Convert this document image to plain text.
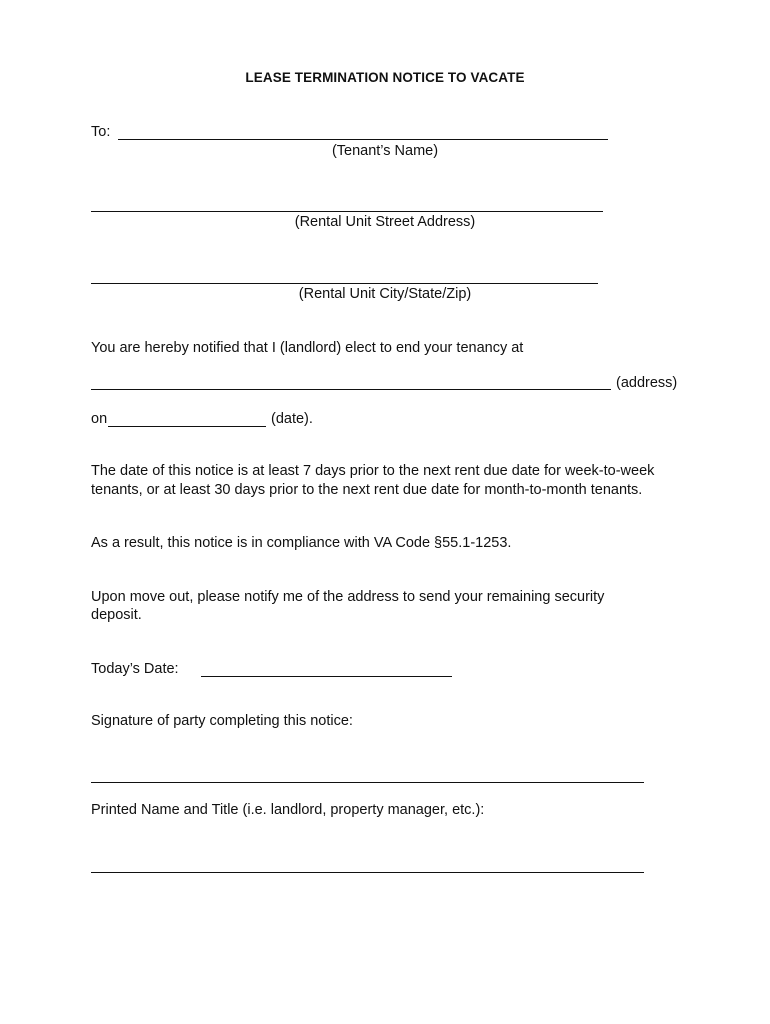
LEASE TERMINATION NOTICE TO VACATE
To:
(Tenant’s Name)
(Rental Unit Street Address)
(Rental Unit City/State/Zip)
You are hereby notified that I (landlord) elect to end your tenancy at
(address)
on	(date).
The date of this notice is at least 7 days prior to the next rent due date for week-to-week
tenants, or at least 30 days prior to the next rent due date for month-to-month tenants.
As a result, this notice is in compliance with VA Code §55.1-1253.
Upon move out, please notify me of the address to send your remaining security
deposit.
Today’s Date:
Signature of party completing this notice:
Printed Name and Title (i.e. landlord, property manager, etc.):
